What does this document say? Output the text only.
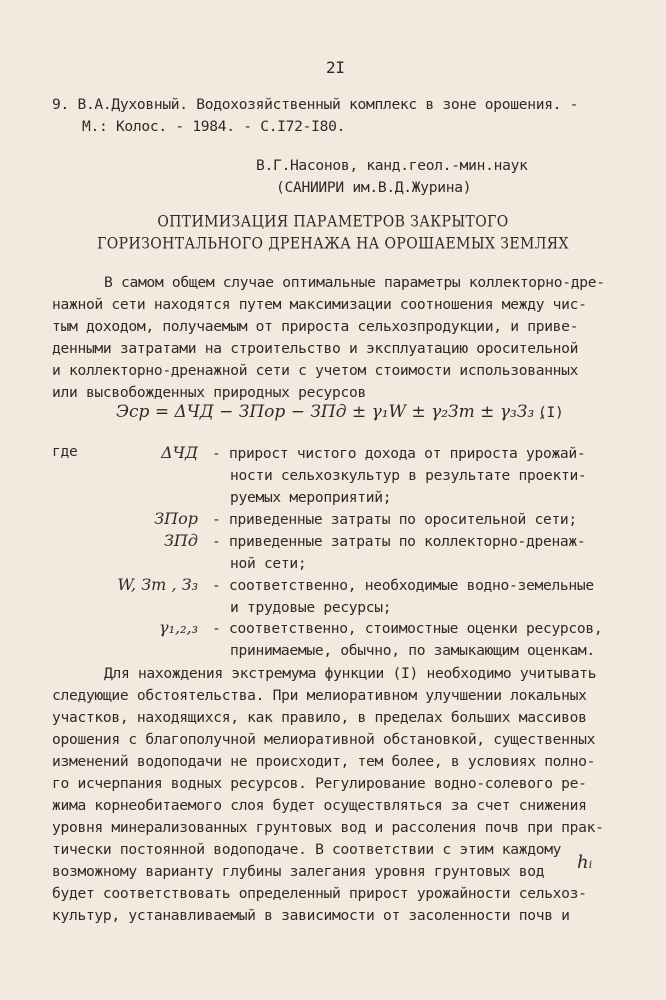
2I
9. В.А.Духовный. Водохозяйственный комплекс в зоне орошения. -
М.: Колос. - 1984. - С.I72-I80.
В.Г.Насонов, канд.геол.-мин.наук
(САНИИРИ им.В.Д.Журина)
ОПТИМИЗАЦИЯ ПАРАМЕТРОВ ЗАКРЫТОГО
ГОРИЗОНТАЛЬНОГО ДРЕНАЖА НА ОРОШАЕМЫХ ЗЕМЛЯХ
В самом общем случае оптимальные параметры коллекторно-дре-
нажной сети находятся путем максимизации соотношения между чис-
тым доходом, получаемым от прироста сельхозпродукции, и приве-
денными затратами на строительство и эксплуатацию оросительной
и коллекторно-дренажной сети с учетом стоимости использованных
или высвобожденных природных ресурсов
Эср = ΔЧД − ЗПор − ЗПд ± γ₁W ± γ₂Зт ± γ₃З₃ ,
(I)
где	ΔЧД - прирост чистого дохода от прироста урожай-
ности сельхозкультур в результате проекти-
руемых мероприятий;
ЗПор - приведенные затраты по оросительной сети;
ЗПд - приведенные затраты по коллекторно-дренаж-
ной сети;
W, Зт , З₃ - соответственно, необходимые водно-земельные
и трудовые ресурсы;
γ₁,₂,₃ - соответственно, стоимостные оценки ресурсов,
принимаемые, обычно, по замыкающим оценкам.
Для нахождения экстремума функции (I) необходимо учитывать
следующие обстоятельства. При мелиоративном улучшении локальных
участков, находящихся, как правило, в пределах больших массивов
орошения с благополучной мелиоративной обстановкой, существенных
изменений водоподачи не происходит, тем более, в условиях полно-
го исчерпания водных ресурсов. Регулирование водно-солевого ре-
жима корнеобитаемого слоя будет осуществляться за счет снижения
уровня минерализованных грунтовых вод и рассоления почв при прак-
тически постоянной водоподаче. В соответствии с этим каждому
возможному варианту глубины залегания уровня грунтовых вод hᵢ
будет соответствовать определенный прирост урожайности сельхоз-
культур, устанавливаемый в зависимости от засоленности почв и
